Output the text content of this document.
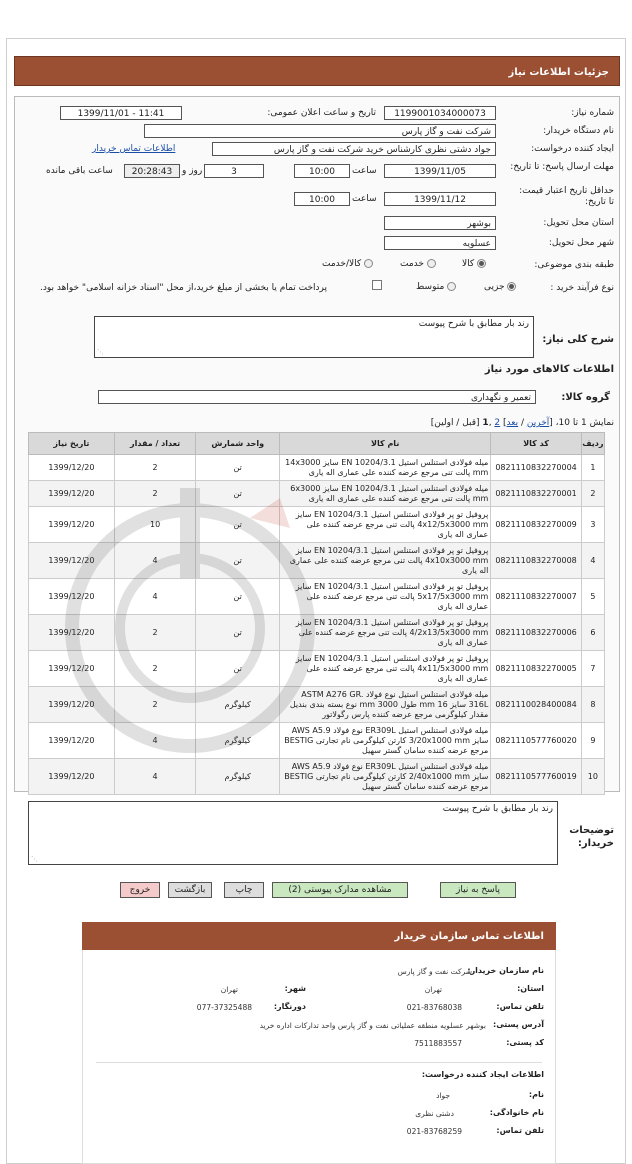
جزئیات اطلاعات نیاز
شماره نیاز:
1199001034000073
تاریخ و ساعت اعلان عمومی:
1399/11/01 - 11:41
نام دستگاه خریدار:
شرکت نفت و گاز پارس
ایجاد کننده درخواست:
جواد دشتی نظری کارشناس خرید شرکت نفت و گاز پارس
اطلاعات تماس خریدار
مهلت ارسال پاسخ: تا تاریخ:
1399/11/05
ساعت
10:00
3
روز و
20:28:43
ساعت باقی مانده
حداقل تاریخ اعتبار قیمت: تا تاریخ:
1399/11/12
ساعت
10:00
استان محل تحویل:
بوشهر
شهر محل تحویل:
عسلویه
طبقه بندی موضوعی:
کالا
خدمت
کالا/خدمت
نوع فرآیند خرید :
جزیی
متوسط
پرداخت تمام یا بخشی از مبلغ خرید،از محل "اسناد خزانه اسلامی" خواهد بود.
شرح کلی نیاز:
رند بار مطابق با شرح پیوست
⋰
اطلاعات کالاهای مورد نیاز
گروه کالا:
تعمیر و نگهداری
نمایش 1 تا 10، [آخرین / بعد] 2 ,1 [قبل / اولین]
ردیف	کد کالا	نام کالا	واحد شمارش	تعداد / مقدار	تاریخ نیاز
1	0821110832270004	میله فولادی استنلس استیل EN 10204/3.1 سایز 14x3000 mm پالت تنی مرجع عرضه کننده علی عماری اله یاری	تن	2	1399/12/20
2	0821110832270001	میله فولادی استنلس استیل EN 10204/3.1 سایز 6x3000 mm پالت تنی مرجع عرضه کننده علی عماری اله یاری	تن	2	1399/12/20
3	0821110832270009	پروفیل تو پر فولادی استنلس استیل EN 10204/3.1 سایز 4x12/5x3000 mm پالت تنی مرجع عرضه کننده علی عماری اله یاری	تن	10	1399/12/20
4	0821110832270008	پروفیل تو پر فولادی استنلس استیل EN 10204/3.1 سایز 4x10x3000 mm پالت تنی مرجع عرضه کننده علی عماری اله یاری	تن	4	1399/12/20
5	0821110832270007	پروفیل تو پر فولادی استنلس استیل EN 10204/3.1 سایز 5x17/5x3000 mm پالت تنی مرجع عرضه کننده علی عماری اله یاری	تن	4	1399/12/20
6	0821110832270006	پروفیل تو پر فولادی استنلس استیل EN 10204/3.1 سایز 4/2x13/5x3000 mm پالت تنی مرجع عرضه کننده علی عماری اله یاری	تن	2	1399/12/20
7	0821110832270005	پروفیل تو پر فولادی استنلس استیل EN 10204/3.1 سایز 4x11/5x3000 mm پالت تنی مرجع عرضه کننده علی عماری اله یاری	تن	2	1399/12/20
8	0821110028400084	میله فولادی استنلس استیل نوع فولاد ASTM A276 GR. 316L سایز 16 mm طول 3000 mm نوع بسته بندی بندیل مقدار کیلوگرمی مرجع عرضه کننده پارس رگولاتور	کیلوگرم	2	1399/12/20
9	0821110577760020	میله فولادی استنلس استیل ER309L نوع فولاد AWS A5.9 سایز 3/20x1000 mm کارتن کیلوگرمی نام تجارتی BESTIG مرجع عرضه کننده سامان گستر سهیل	کیلوگرم	4	1399/12/20
10	0821110577760019	میله فولادی استنلس استیل ER309L نوع فولاد AWS A5.9 سایز 2/40x1000 mm کارتن کیلوگرمی نام تجارتی BESTIG مرجع عرضه کننده سامان گستر سهیل	کیلوگرم	4	1399/12/20
توضیحات خریدار:
رند بار مطابق با شرح پیوست
⋰
پاسخ به نیاز
مشاهده مدارک پیوستی (2)
چاپ
بازگشت
خروج
اطلاعات تماس سازمان خریدار
نام سازمان خریدار:
شرکت نفت و گاز پارس
استان:
تهران
شهر:
تهران
تلفن تماس:
021-83768038
دورنگار:
077-37325488
آدرس پستی:
بوشهر عسلویه منطقه عملیاتی نفت و گاز پارس واحد تدارکات اداره خرید
کد پستی:
7511883557
اطلاعات ایجاد کننده درخواست:
نام:
جواد
نام خانوادگی:
دشتی نظری
تلفن تماس:
021-83768259
